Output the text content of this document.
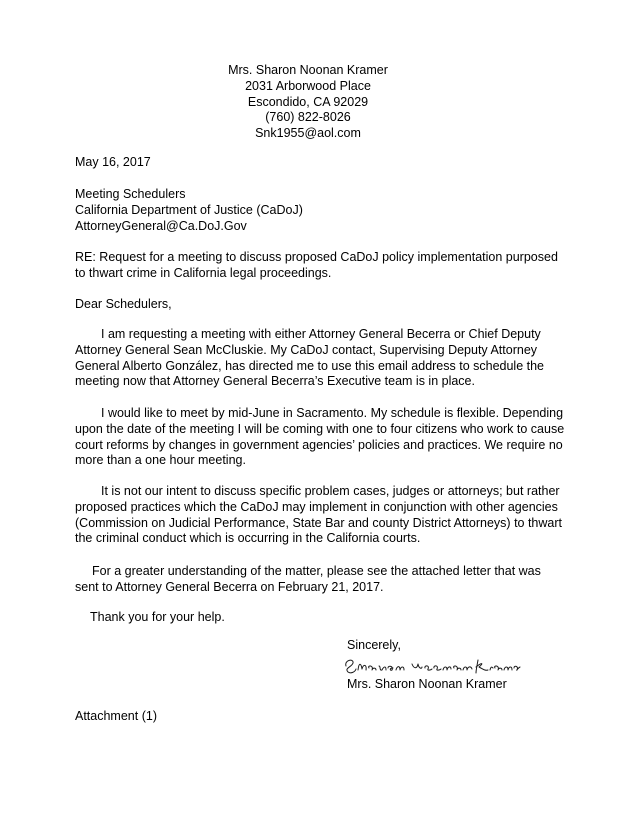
Mrs. Sharon Noonan Kramer
2031 Arborwood Place
Escondido, CA 92029
(760) 822-8026
Snk1955@aol.com
May 16, 2017
Meeting Schedulers
California Department of Justice (CaDoJ)
AttorneyGeneral@Ca.DoJ.Gov
RE: Request for a meeting to discuss proposed CaDoJ policy implementation purposed to thwart crime in California legal proceedings.
Dear Schedulers,
I am requesting a meeting with either Attorney General Becerra or Chief Deputy Attorney General Sean McCluskie. My CaDoJ contact, Supervising Deputy Attorney General Alberto González, has directed me to use this email address to schedule the meeting now that Attorney General Becerra’s Executive team is in place.
I would like to meet by mid-June in Sacramento. My schedule is flexible. Depending upon the date of the meeting I will be coming with one to four citizens who work to cause court reforms by changes in government agencies’ policies and practices. We require no more than a one hour meeting.
It is not our intent to discuss specific problem cases, judges or attorneys; but rather proposed practices which the CaDoJ may implement in conjunction with other agencies (Commission on Judicial Performance, State Bar and county District Attorneys) to thwart the criminal conduct which is occurring in the California courts.
For a greater understanding of the matter, please see the attached letter that was sent to Attorney General Becerra on February 21, 2017.
Thank you for your help.
Sincerely,
Mrs. Sharon Noonan Kramer
Attachment (1)
